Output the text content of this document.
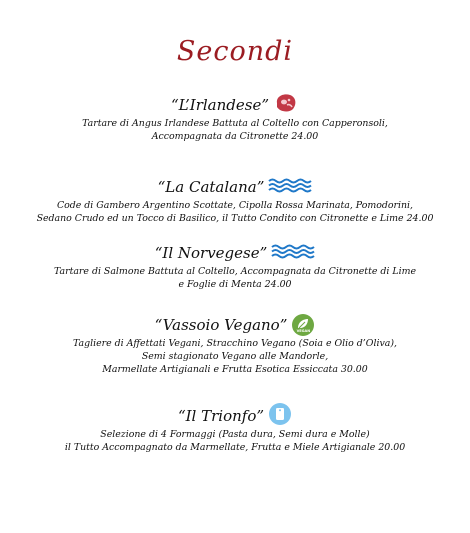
Secondi
“L’Irlandese”
Tartare di Angus Irlandese Battuta al Coltello con Capperonsoli,
Accompagnata da Citronette 24.00
“La Catalana”
Code di Gambero Argentino Scottate, Cipolla Rossa Marinata, Pomodorini,
Sedano Crudo ed un Tocco di Basilico, il Tutto Condito con Citronette e Lime 24.00
“Il Norvegese”
Tartare di Salmone Battuta al Coltello, Accompagnata da Citronette di Lime
e Foglie di Menta 24.00
“Vassoio Vegano”	VEGAN
Tagliere di Affettati Vegani, Stracchino Vegano (Soia e Olio d’Oliva),
Semi stagionato Vegano alle Mandorle,
Marmellate Artigianali e Frutta Esotica Essiccata 30.00
“Il Trionfo”
Selezione di 4 Formaggi (Pasta dura, Semi dura e Molle)
il Tutto Accompagnato da Marmellate, Frutta e Miele Artigianale 20.00
